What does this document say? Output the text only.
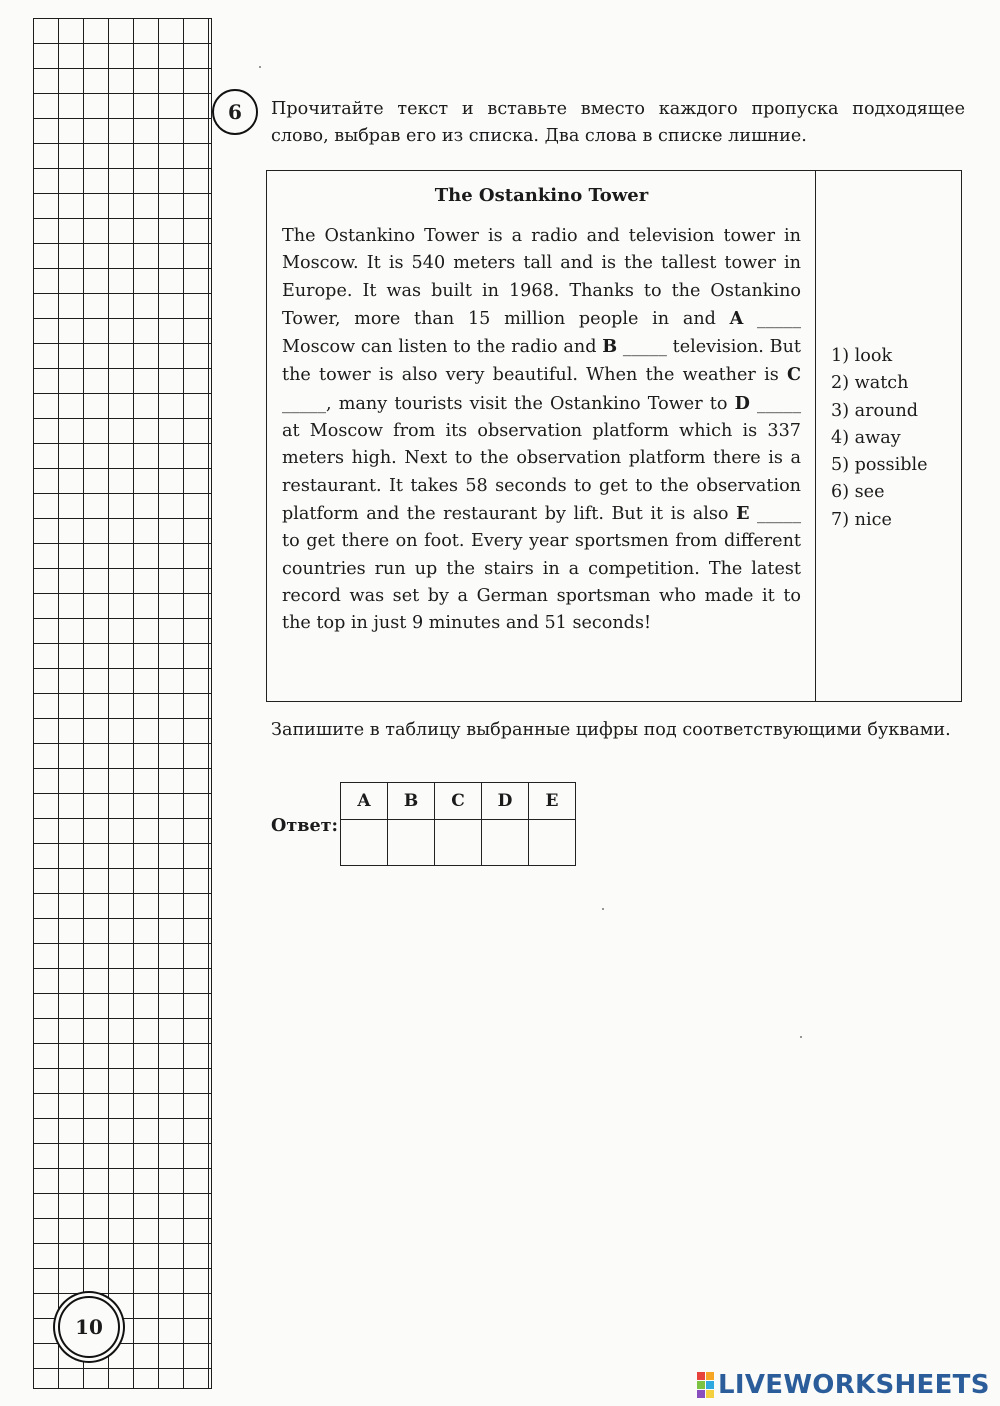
10
6	Прочитайте текст и вставьте вместо каждого пропуска подходящее слово, выбрав его из списка. Два слова в списке лишние.
The Ostankino Tower
The Ostankino Tower is a radio and television tower in Moscow. It is 540 meters tall and is the tallest tower in Europe. It was built in 1968. Thanks to the Ostankino Tower, more than 15 million people in and A _____ Moscow can listen to the radio and B _____ television. But the tower is also very beautiful. When the weather is C _____, many tourists visit the Ostankino Tower to D _____ at Moscow from its observation platform which is 337 meters high. Next to the observation platform there is a restaurant. It takes 58 seconds to get to the observation platform and the restaurant by lift. But it is also E _____ to get there on foot. Every year sportsmen from different countries run up the stairs in a competition. The latest record was set by a German sportsman who made it to the top in just 9 minutes and 51 seconds!
1) look
2) watch
3) around
4) away
5) possible
6) see
7) nice
Запишите в таблицу выбранные цифры под соответствующими буквами.
Ответ:
A	B	C	D	E

LIVEWORKSHEETS
